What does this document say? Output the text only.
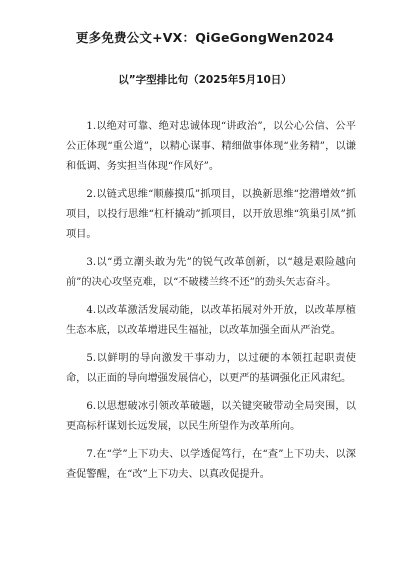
更多免费公文+VX：QiGeGongWen2024
以”字型排比句（2025年5月10日）

1.以绝对可靠、绝对忠诚体现“讲政治”，以公心公信、公平公正体现“重公道”，以精心谋事、精细做事体现“业务精”，以谦和低调、务实担当体现“作风好”。

2.以链式思维“顺藤摸瓜”抓项目，以换新思维“挖潜增效”抓项目，以投行思维“杠杆撬动”抓项目，以开放思维“筑巢引凤”抓项目。

3.以“勇立潮头敢为先”的锐气改革创新，以“越是艰险越向前”的决心攻坚克难，以“不破楼兰终不还”的劲头矢志奋斗。

4.以改革激活发展动能，以改革拓展对外开放，以改革厚植生态本底，以改革增进民生福祉，以改革加强全面从严治党。

5.以鲜明的导向激发干事动力，以过硬的本领扛起职责使命，以正面的导向增强发展信心，以更严的基调强化正风肃纪。

6.以思想破冰引领改革破题，以关键突破带动全局突围，以更高标杆谋划长远发展，以民生所望作为改革所向。

7.在“学”上下功夫、以学透促笃行，在“查”上下功夫、以深查促警醒，在“改”上下功夫、以真改促提升。
